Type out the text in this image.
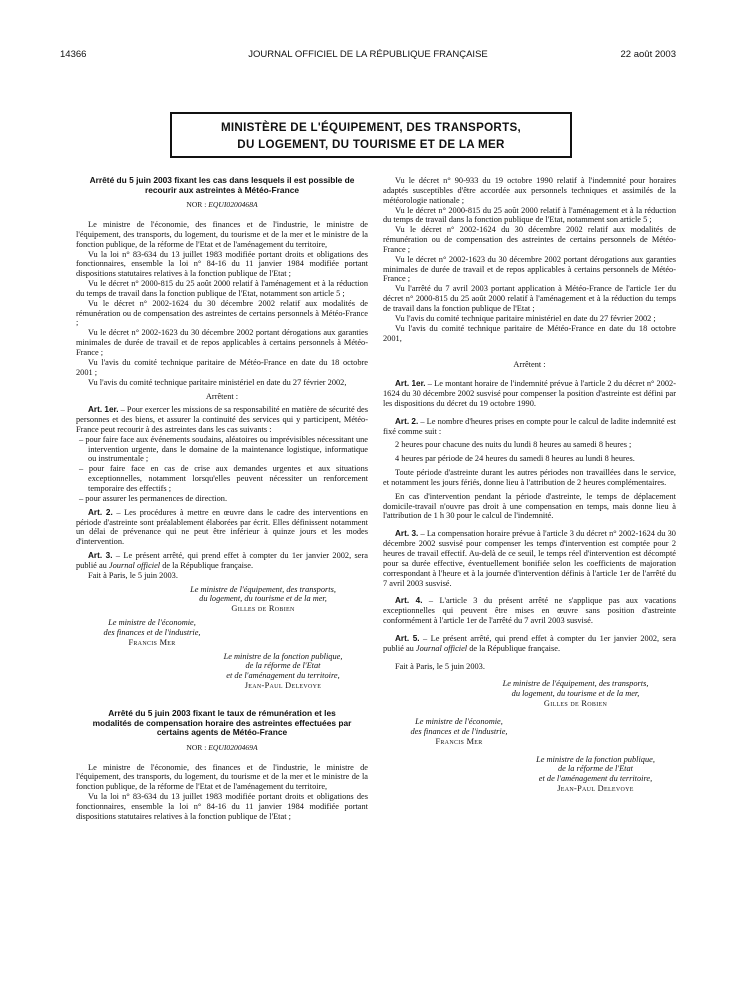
14366	JOURNAL OFFICIEL DE LA RÉPUBLIQUE FRANÇAISE	22 août 2003
MINISTÈRE DE L'ÉQUIPEMENT, DES TRANSPORTS,
DU LOGEMENT, DU TOURISME ET DE LA MER
Arrêté du 5 juin 2003 fixant les cas dans lesquels il est possible de recourir aux astreintes à Météo-France
NOR : EQUI0200468A

Le ministre de l'économie, des finances et de l'industrie, le ministre de l'équipement, des transports, du logement, du tourisme et de la mer et le ministre de la fonction publique, de la réforme de l'Etat et de l'aménagement du territoire,

Vu la loi n° 83-634 du 13 juillet 1983 modifiée portant droits et obligations des fonctionnaires, ensemble la loi n° 84-16 du 11 janvier 1984 modifiée portant dispositions statutaires relatives à la fonction publique de l'Etat ;

Vu le décret n° 2000-815 du 25 août 2000 relatif à l'aménagement et à la réduction du temps de travail dans la fonction publique de l'Etat, notamment son article 5 ;

Vu le décret n° 2002-1624 du 30 décembre 2002 relatif aux modalités de rémunération ou de compensation des astreintes de certains personnels à Météo-France ;

Vu le décret n° 2002-1623 du 30 décembre 2002 portant dérogations aux garanties minimales de durée de travail et de repos applicables à certains personnels à Météo-France ;

Vu l'avis du comité technique paritaire de Météo-France en date du 18 octobre 2001 ;

Vu l'avis du comité technique paritaire ministériel en date du 27 février 2002,

Arrêtent :

Art. 1er. – Pour exercer les missions de sa responsabilité en matière de sécurité des personnes et des biens, et assurer la continuité des services qui y participent, Météo-France peut recourir à des astreintes dans les cas suivants :

– pour faire face aux événements soudains, aléatoires ou imprévisibles nécessitant une intervention urgente, dans le domaine de la maintenance logistique, informatique ou instrumentale ;
– pour faire face en cas de crise aux demandes urgentes et aux situations exceptionnelles, notamment lorsqu'elles peuvent nécessiter un renforcement temporaire des effectifs ;
– pour assurer les permanences de direction.

Art. 2. – Les procédures à mettre en œuvre dans le cadre des interventions en période d'astreinte sont préalablement élaborées par écrit. Elles définissent notamment un délai de prévenance qui ne peut être inférieur à quinze jours et les modes d'intervention.

Art. 3. – Le présent arrêté, qui prend effet à compter du 1er janvier 2002, sera publié au Journal officiel de la République française.

Fait à Paris, le 5 juin 2003.

Le ministre de l'équipement, des transports,

du logement, du tourisme et de la mer,

Gilles de Robien

Le ministre de l'économie,

des finances et de l'industrie,

Francis Mer

Le ministre de la fonction publique,

de la réforme de l'Etat

et de l'aménagement du territoire,

Jean-Paul Delevoye

Arrêté du 5 juin 2003 fixant le taux de rémunération et les modalités de compensation horaire des astreintes effectuées par certains agents de Météo-France
NOR : EQUI0200469A

Le ministre de l'économie, des finances et de l'industrie, le ministre de l'équipement, des transports, du logement, du tourisme et de la mer et le ministre de la fonction publique, de la réforme de l'Etat et de l'aménagement du territoire,

Vu la loi n° 83-634 du 13 juillet 1983 modifiée portant droits et obligations des fonctionnaires, ensemble la loi n° 84-16 du 11 janvier 1984 modifiée portant dispositions statutaires relatives à la fonction publique de l'Etat ;

Vu le décret n° 90-933 du 19 octobre 1990 relatif à l'indemnité pour horaires adaptés susceptibles d'être accordée aux personnels techniques et assimilés de la météorologie nationale ;

Vu le décret n° 2000-815 du 25 août 2000 relatif à l'aménagement et à la réduction du temps de travail dans la fonction publique de l'Etat, notamment son article 5 ;

Vu le décret n° 2002-1624 du 30 décembre 2002 relatif aux modalités de rémunération ou de compensation des astreintes de certains personnels de Météo-France ;

Vu le décret n° 2002-1623 du 30 décembre 2002 portant dérogations aux garanties minimales de durée de travail et de repos applicables à certains personnels de Météo-France ;

Vu l'arrêté du 7 avril 2003 portant application à Météo-France de l'article 1er du décret n° 2000-815 du 25 août 2000 relatif à l'aménagement et à la réduction du temps de travail dans la fonction publique de l'Etat ;

Vu l'avis du comité technique paritaire ministériel en date du 27 février 2002 ;

Vu l'avis du comité technique paritaire de Météo-France en date du 18 octobre 2001,

Arrêtent :

Art. 1er. – Le montant horaire de l'indemnité prévue à l'article 2 du décret n° 2002-1624 du 30 décembre 2002 susvisé pour compenser la position d'astreinte est défini par les dispositions du décret du 19 octobre 1990.

Art. 2. – Le nombre d'heures prises en compte pour le calcul de ladite indemnité est fixé comme suit :

2 heures pour chacune des nuits du lundi 8 heures au samedi 8 heures ;

4 heures par période de 24 heures du samedi 8 heures au lundi 8 heures.

Toute période d'astreinte durant les autres périodes non travaillées dans le service, et notamment les jours fériés, donne lieu à l'attribution de 2 heures complémentaires.

En cas d'intervention pendant la période d'astreinte, le temps de déplacement domicile-travail n'ouvre pas droit à une compensation en temps, mais donne lieu à l'attribution de 1 h 30 pour le calcul de l'indemnité.

Art. 3. – La compensation horaire prévue à l'article 3 du décret n° 2002-1624 du 30 décembre 2002 susvisé pour compenser les temps d'intervention est comptée pour 2 heures de travail effectif. Au-delà de ce seuil, le temps réel d'intervention est décompté pour sa durée effective, éventuellement bonifiée selon les coefficients de majoration correspondant à l'heure et à la journée d'intervention définis à l'article 1er de l'arrêté du 7 avril 2003 susvisé.

Art. 4. – L'article 3 du présent arrêté ne s'applique pas aux vacations exceptionnelles qui peuvent être mises en œuvre sans position d'astreinte conformément à l'article 1er de l'arrêté du 7 avril 2003 susvisé.

Art. 5. – Le présent arrêté, qui prend effet à compter du 1er janvier 2002, sera publié au Journal officiel de la République française.

Fait à Paris, le 5 juin 2003.

Le ministre de l'équipement, des transports,

du logement, du tourisme et de la mer,

Gilles de Robien

Le ministre de l'économie,

des finances et de l'industrie,

Francis Mer

Le ministre de la fonction publique,

de la réforme de l'Etat

et de l'aménagement du territoire,

Jean-Paul Delevoye
